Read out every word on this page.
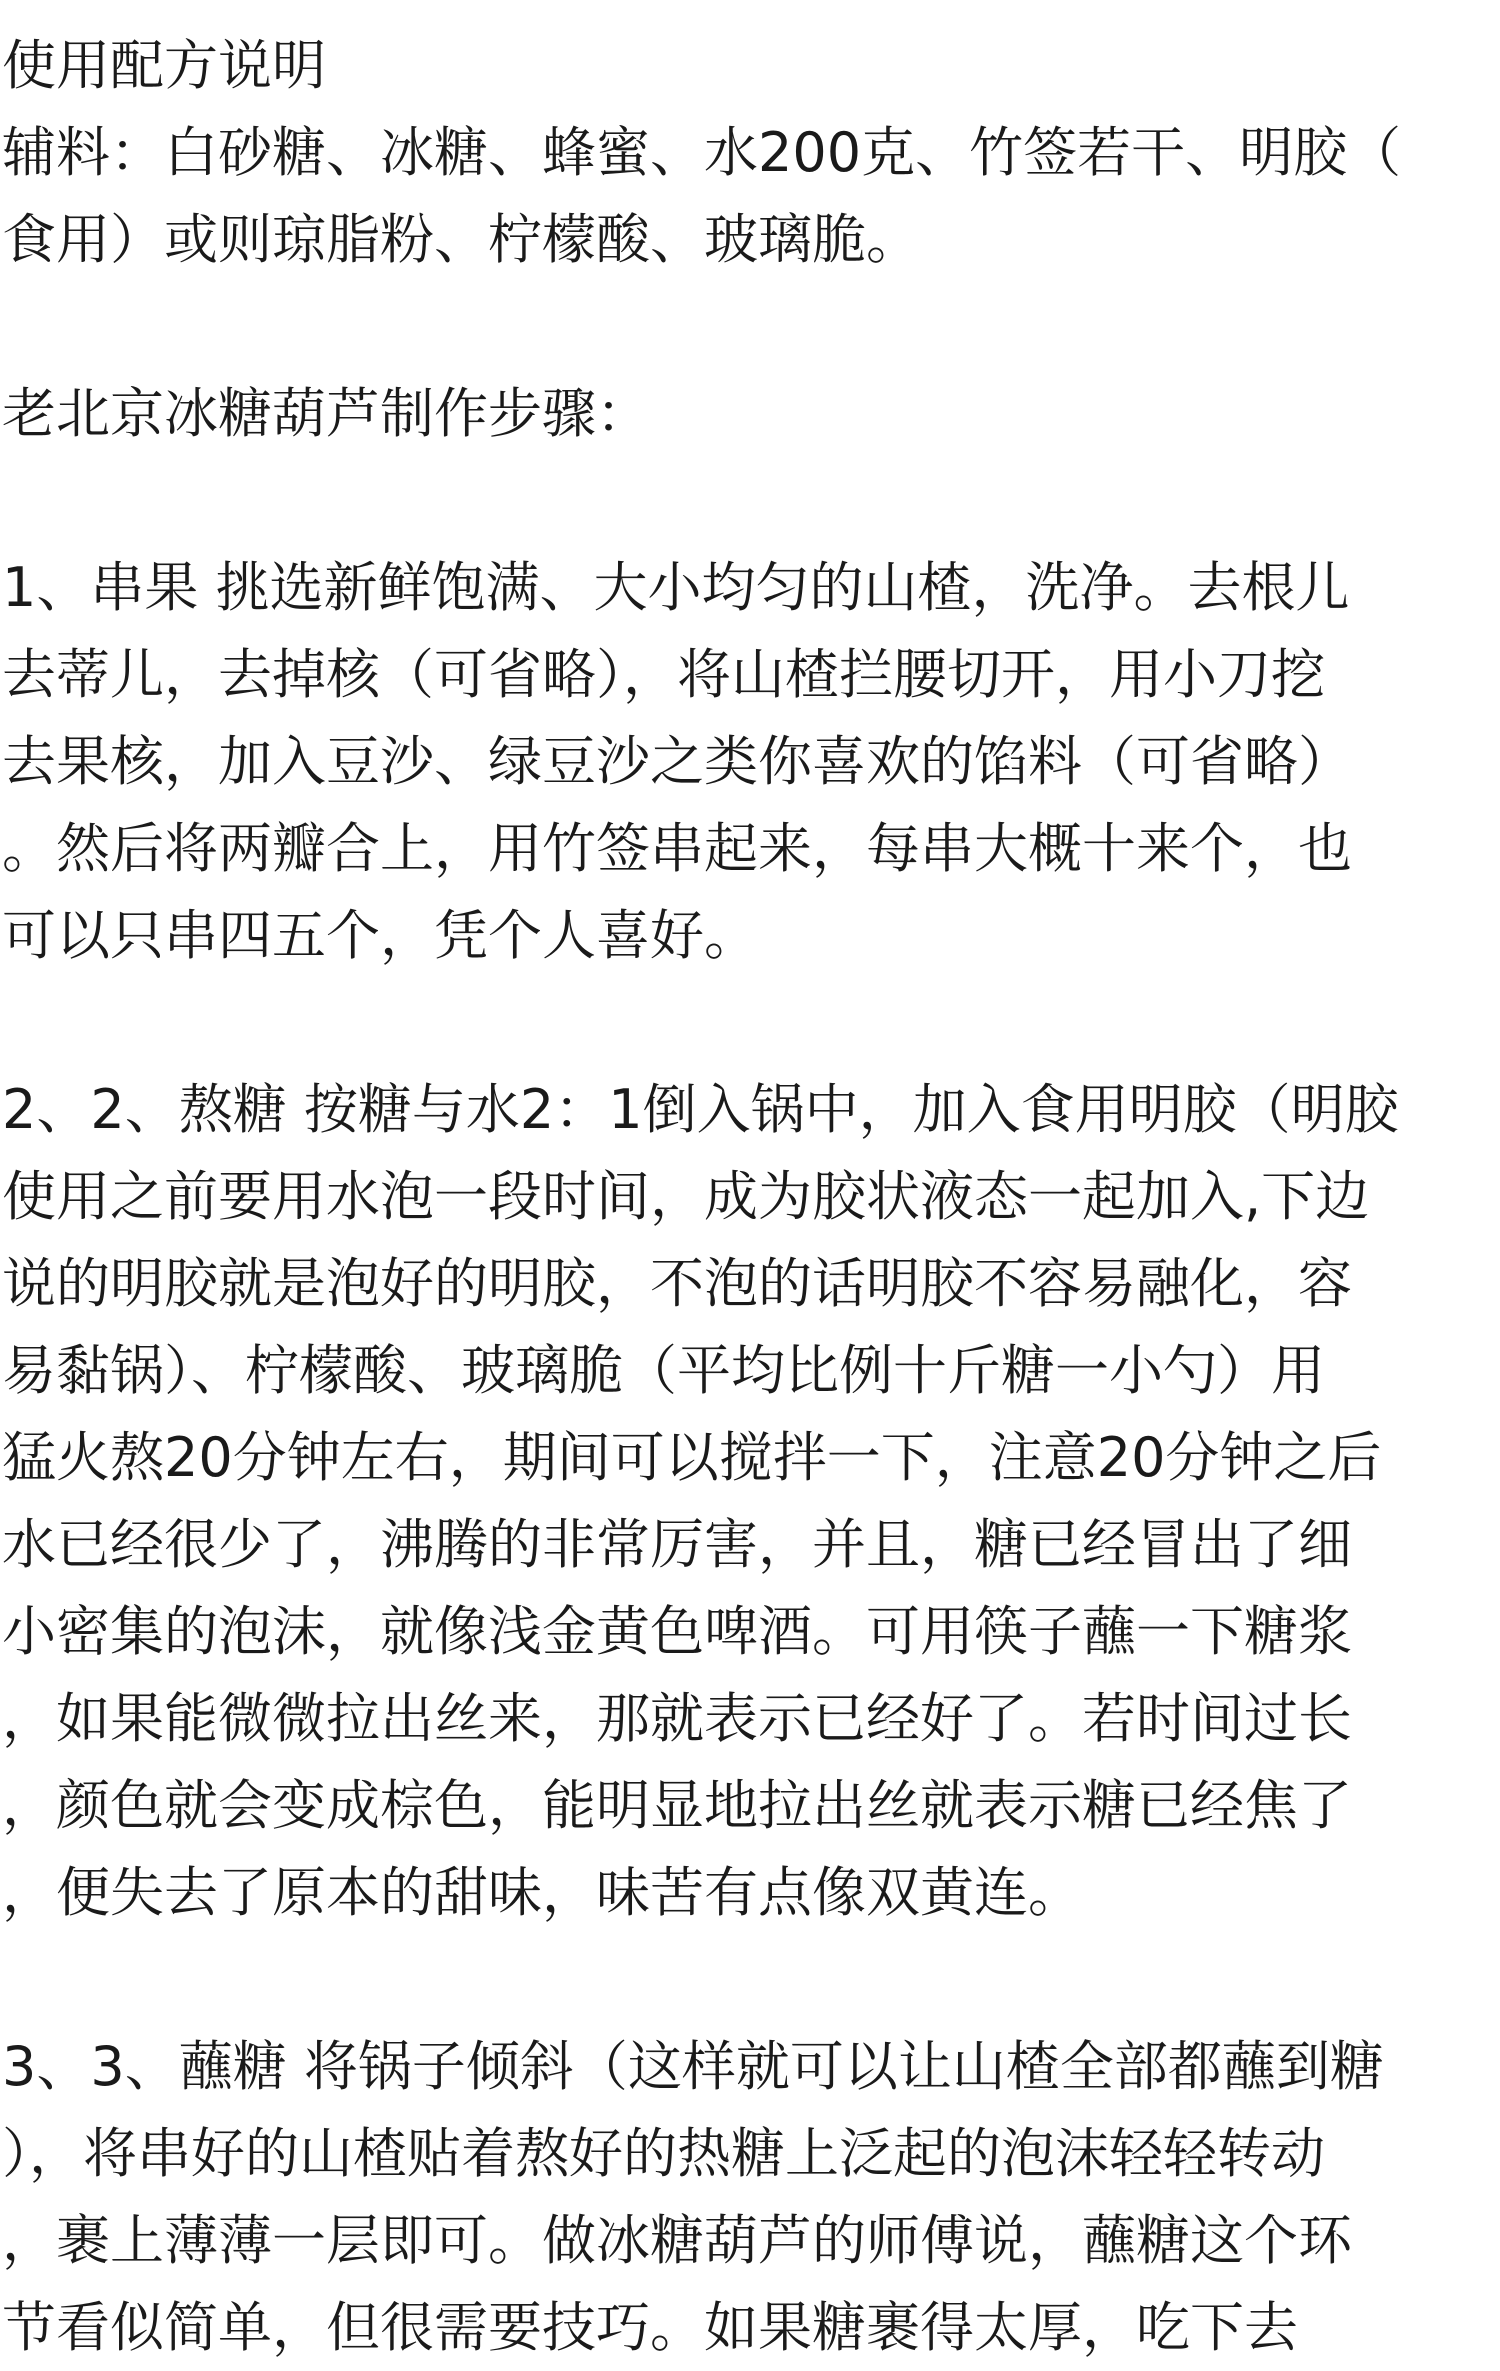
使用配方说明
辅料：白砂糖、冰糖、蜂蜜、水200克、竹签若干、明胶（
食用）或则琼脂粉、柠檬酸、玻璃脆。
老北京冰糖葫芦制作步骤：
1、串果 挑选新鲜饱满、大小均匀的山楂，洗净。去根儿
去蒂儿，去掉核（可省略），将山楂拦腰切开，用小刀挖
去果核，加入豆沙、绿豆沙之类你喜欢的馅料（可省略）
。然后将两瓣合上，用竹签串起来，每串大概十来个，也
可以只串四五个，凭个人喜好。
2、2、熬糖 按糖与水2：1倒入锅中，加入食用明胶（明胶
使用之前要用水泡一段时间，成为胶状液态一起加入,下边
说的明胶就是泡好的明胶，不泡的话明胶不容易融化，容
易黏锅）、柠檬酸、玻璃脆（平均比例十斤糖一小勺）用
猛火熬20分钟左右，期间可以搅拌一下，注意20分钟之后
水已经很少了，沸腾的非常厉害，并且，糖已经冒出了细
小密集的泡沫，就像浅金黄色啤酒。可用筷子蘸一下糖浆
，如果能微微拉出丝来，那就表示已经好了。若时间过长
，颜色就会变成棕色，能明显地拉出丝就表示糖已经焦了
，便失去了原本的甜味，味苦有点像双黄连。
3、3、蘸糖 将锅子倾斜（这样就可以让山楂全部都蘸到糖
），将串好的山楂贴着熬好的热糖上泛起的泡沫轻轻转动
，裹上薄薄一层即可。做冰糖葫芦的师傅说，蘸糖这个环
节看似简单，但很需要技巧。如果糖裹得太厚，吃下去
